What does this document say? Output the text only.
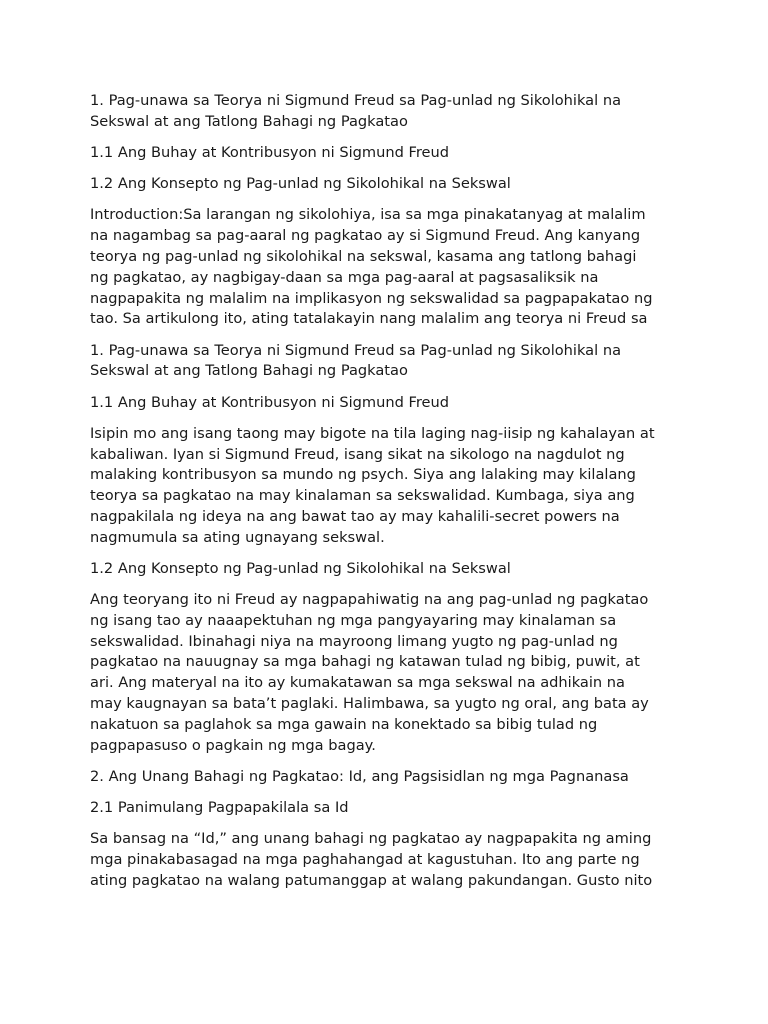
1. Pag-unawa sa Teorya ni Sigmund Freud sa Pag-unlad ng Sikolohikal na
Sekswal at ang Tatlong Bahagi ng Pagkatao

1.1 Ang Buhay at Kontribusyon ni Sigmund Freud

1.2 Ang Konsepto ng Pag-unlad ng Sikolohikal na Sekswal

Introduction:Sa larangan ng sikolohiya, isa sa mga pinakatanyag at malalim
na nagambag sa pag-aaral ng pagkatao ay si Sigmund Freud. Ang kanyang
teorya ng pag-unlad ng sikolohikal na sekswal, kasama ang tatlong bahagi
ng pagkatao, ay nagbigay-daan sa mga pag-aaral at pagsasaliksik na
nagpapakita ng malalim na implikasyon ng sekswalidad sa pagpapakatao ng
tao. Sa artikulong ito, ating tatalakayin nang malalim ang teorya ni Freud sa

1. Pag-unawa sa Teorya ni Sigmund Freud sa Pag-unlad ng Sikolohikal na
Sekswal at ang Tatlong Bahagi ng Pagkatao

1.1 Ang Buhay at Kontribusyon ni Sigmund Freud

Isipin mo ang isang taong may bigote na tila laging nag-iisip ng kahalayan at
kabaliwan. Iyan si Sigmund Freud, isang sikat na sikologo na nagdulot ng
malaking kontribusyon sa mundo ng psych. Siya ang lalaking may kilalang
teorya sa pagkatao na may kinalaman sa sekswalidad. Kumbaga, siya ang
nagpakilala ng ideya na ang bawat tao ay may kahalili-secret powers na
nagmumula sa ating ugnayang sekswal.

1.2 Ang Konsepto ng Pag-unlad ng Sikolohikal na Sekswal

Ang teoryang ito ni Freud ay nagpapahiwatig na ang pag-unlad ng pagkatao
ng isang tao ay naaapektuhan ng mga pangyayaring may kinalaman sa
sekswalidad. Ibinahagi niya na mayroong limang yugto ng pag-unlad ng
pagkatao na nauugnay sa mga bahagi ng katawan tulad ng bibig, puwit, at
ari. Ang materyal na ito ay kumakatawan sa mga sekswal na adhikain na
may kaugnayan sa bata’t paglaki. Halimbawa, sa yugto ng oral, ang bata ay
nakatuon sa paglahok sa mga gawain na konektado sa bibig tulad ng
pagpapasuso o pagkain ng mga bagay.

2. Ang Unang Bahagi ng Pagkatao: Id, ang Pagsisidlan ng mga Pagnanasa

2.1 Panimulang Pagpapakilala sa Id

Sa bansag na “Id,” ang unang bahagi ng pagkatao ay nagpapakita ng aming
mga pinakabasagad na mga paghahangad at kagustuhan. Ito ang parte ng
ating pagkatao na walang patumanggap at walang pakundangan. Gusto nito
